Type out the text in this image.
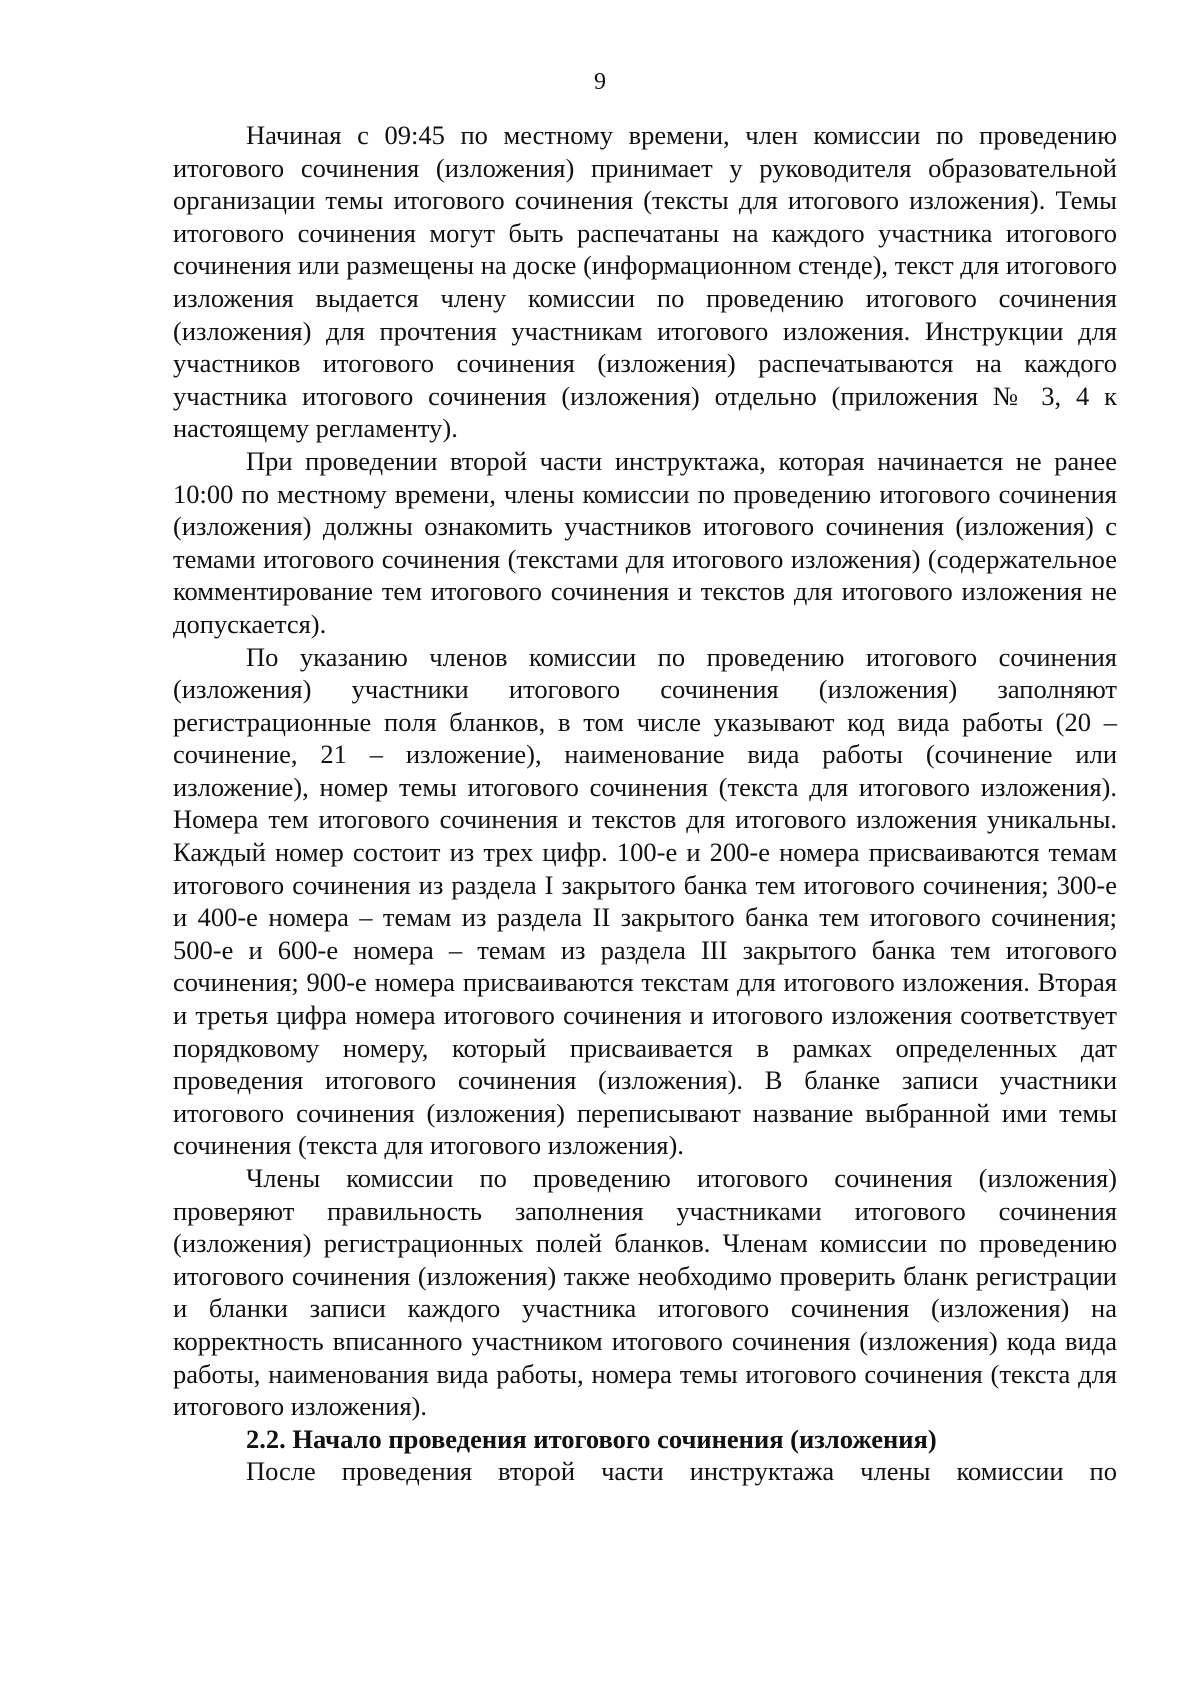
9

Начиная с 09:45 по местному времени, член комиссии по проведению итогового сочинения (изложения) принимает у руководителя образовательной организации темы итогового сочинения (тексты для итогового изложения). Темы итогового сочинения могут быть распечатаны на каждого участника итогового сочинения или размещены на доске (информационном стенде), текст для итогового изложения выдается члену комиссии по проведению итогового сочинения (изложения) для прочтения участникам итогового изложения. Инструкции для участников итогового сочинения (изложения) распечатываются на каждого участника итогового сочинения (изложения) отдельно (приложения № 3, 4 к настоящему регламенту).

При проведении второй части инструктажа, которая начинается не ранее 10:00 по местному времени, члены комиссии по проведению итогового сочинения (изложения) должны ознакомить участников итогового сочинения (изложения) с темами итогового сочинения (текстами для итогового изложения) (содержательное комментирование тем итогового сочинения и текстов для итогового изложения не допускается).

По указанию членов комиссии по проведению итогового сочинения (изложения) участники итогового сочинения (изложения) заполняют регистрационные поля бланков, в том числе указывают код вида работы (20 – сочинение, 21 – изложение), наименование вида работы (сочинение или изложение), номер темы итогового сочинения (текста для итогового изложения). Номера тем итогового сочинения и текстов для итогового изложения уникальны. Каждый номер состоит из трех цифр. 100-е и 200-е номера присваиваются темам итогового сочинения из раздела I закрытого банка тем итогового сочинения; 300-е и 400-е номера – темам из раздела II закрытого банка тем итогового сочинения; 500-е и 600-е номера – темам из раздела III закрытого банка тем итогового сочинения; 900-е номера присваиваются текстам для итогового изложения. Вторая и третья цифра номера итогового сочинения и итогового изложения соответствует порядковому номеру, который присваивается в рамках определенных дат проведения итогового сочинения (изложения). В бланке записи участники итогового сочинения (изложения) переписывают название выбранной ими темы сочинения (текста для итогового изложения).

Члены комиссии по проведению итогового сочинения (изложения) проверяют правильность заполнения участниками итогового сочинения (изложения) регистрационных полей бланков. Членам комиссии по проведению итогового сочинения (изложения) также необходимо проверить бланк регистрации и бланки записи каждого участника итогового сочинения (изложения) на корректность вписанного участником итогового сочинения (изложения) кода вида работы, наименования вида работы, номера темы итогового сочинения (текста для итогового изложения).

2.2. Начало проведения итогового сочинения (изложения)

После проведения второй части инструктажа члены комиссии по
